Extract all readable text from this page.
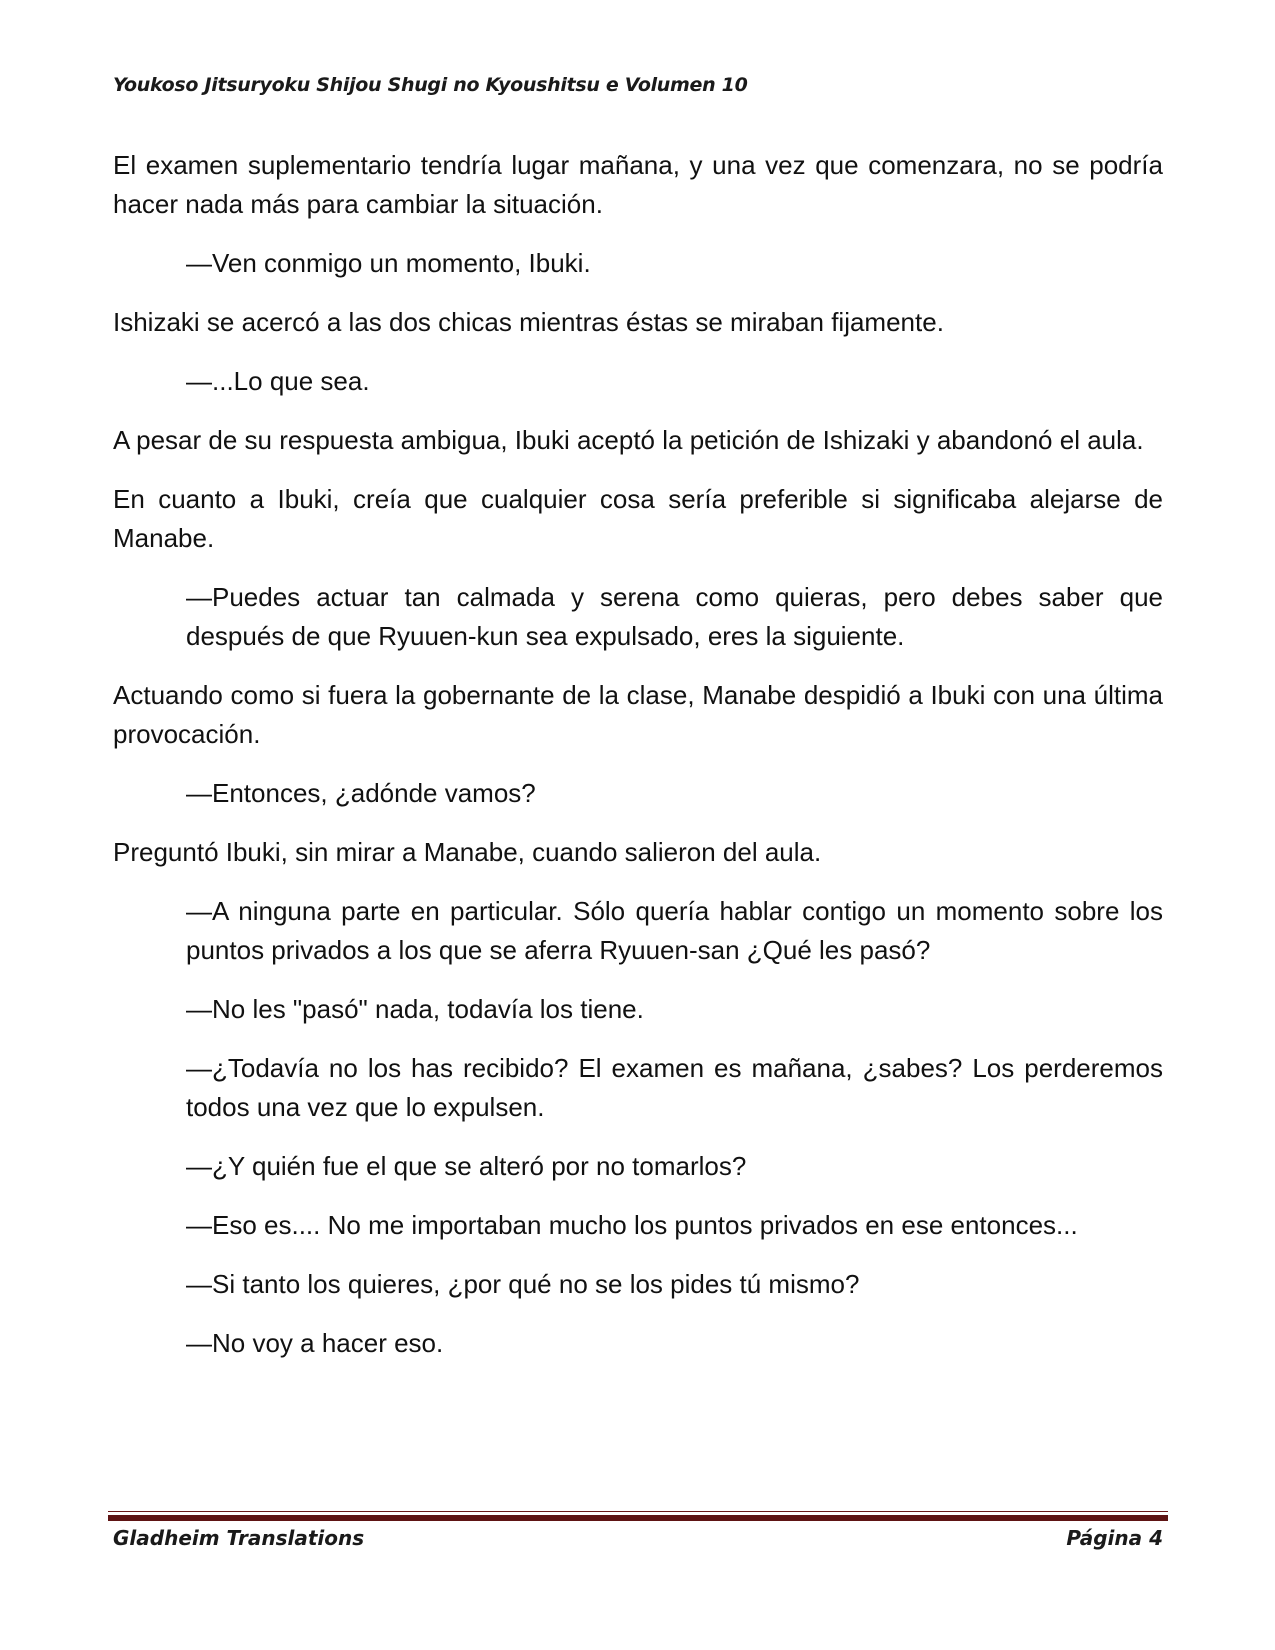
Youkoso Jitsuryoku Shijou Shugi no Kyoushitsu e Volumen 10

El examen suplementario tendría lugar mañana, y una vez que comenzara, no se podría hacer nada más para cambiar la situación.

—Ven conmigo un momento, Ibuki.

Ishizaki se acercó a las dos chicas mientras éstas se miraban fijamente.

—...Lo que sea.

A pesar de su respuesta ambigua, Ibuki aceptó la petición de Ishizaki y abandonó el aula.

En cuanto a Ibuki, creía que cualquier cosa sería preferible si significaba alejarse de Manabe.

—Puedes actuar tan calmada y serena como quieras, pero debes saber que después de que Ryuuen-kun sea expulsado, eres la siguiente.

Actuando como si fuera la gobernante de la clase, Manabe despidió a Ibuki con una última provocación.

—Entonces, ¿adónde vamos?

Preguntó Ibuki, sin mirar a Manabe, cuando salieron del aula.

—A ninguna parte en particular. Sólo quería hablar contigo un momento sobre los puntos privados a los que se aferra Ryuuen-san ¿Qué les pasó?

—No les "pasó" nada, todavía los tiene.

—¿Todavía no los has recibido? El examen es mañana, ¿sabes? Los perderemos todos una vez que lo expulsen.

—¿Y quién fue el que se alteró por no tomarlos?

—Eso es.... No me importaban mucho los puntos privados en ese entonces...

—Si tanto los quieres, ¿por qué no se los pides tú mismo?

—No voy a hacer eso.

Gladheim Translations	Página 4
